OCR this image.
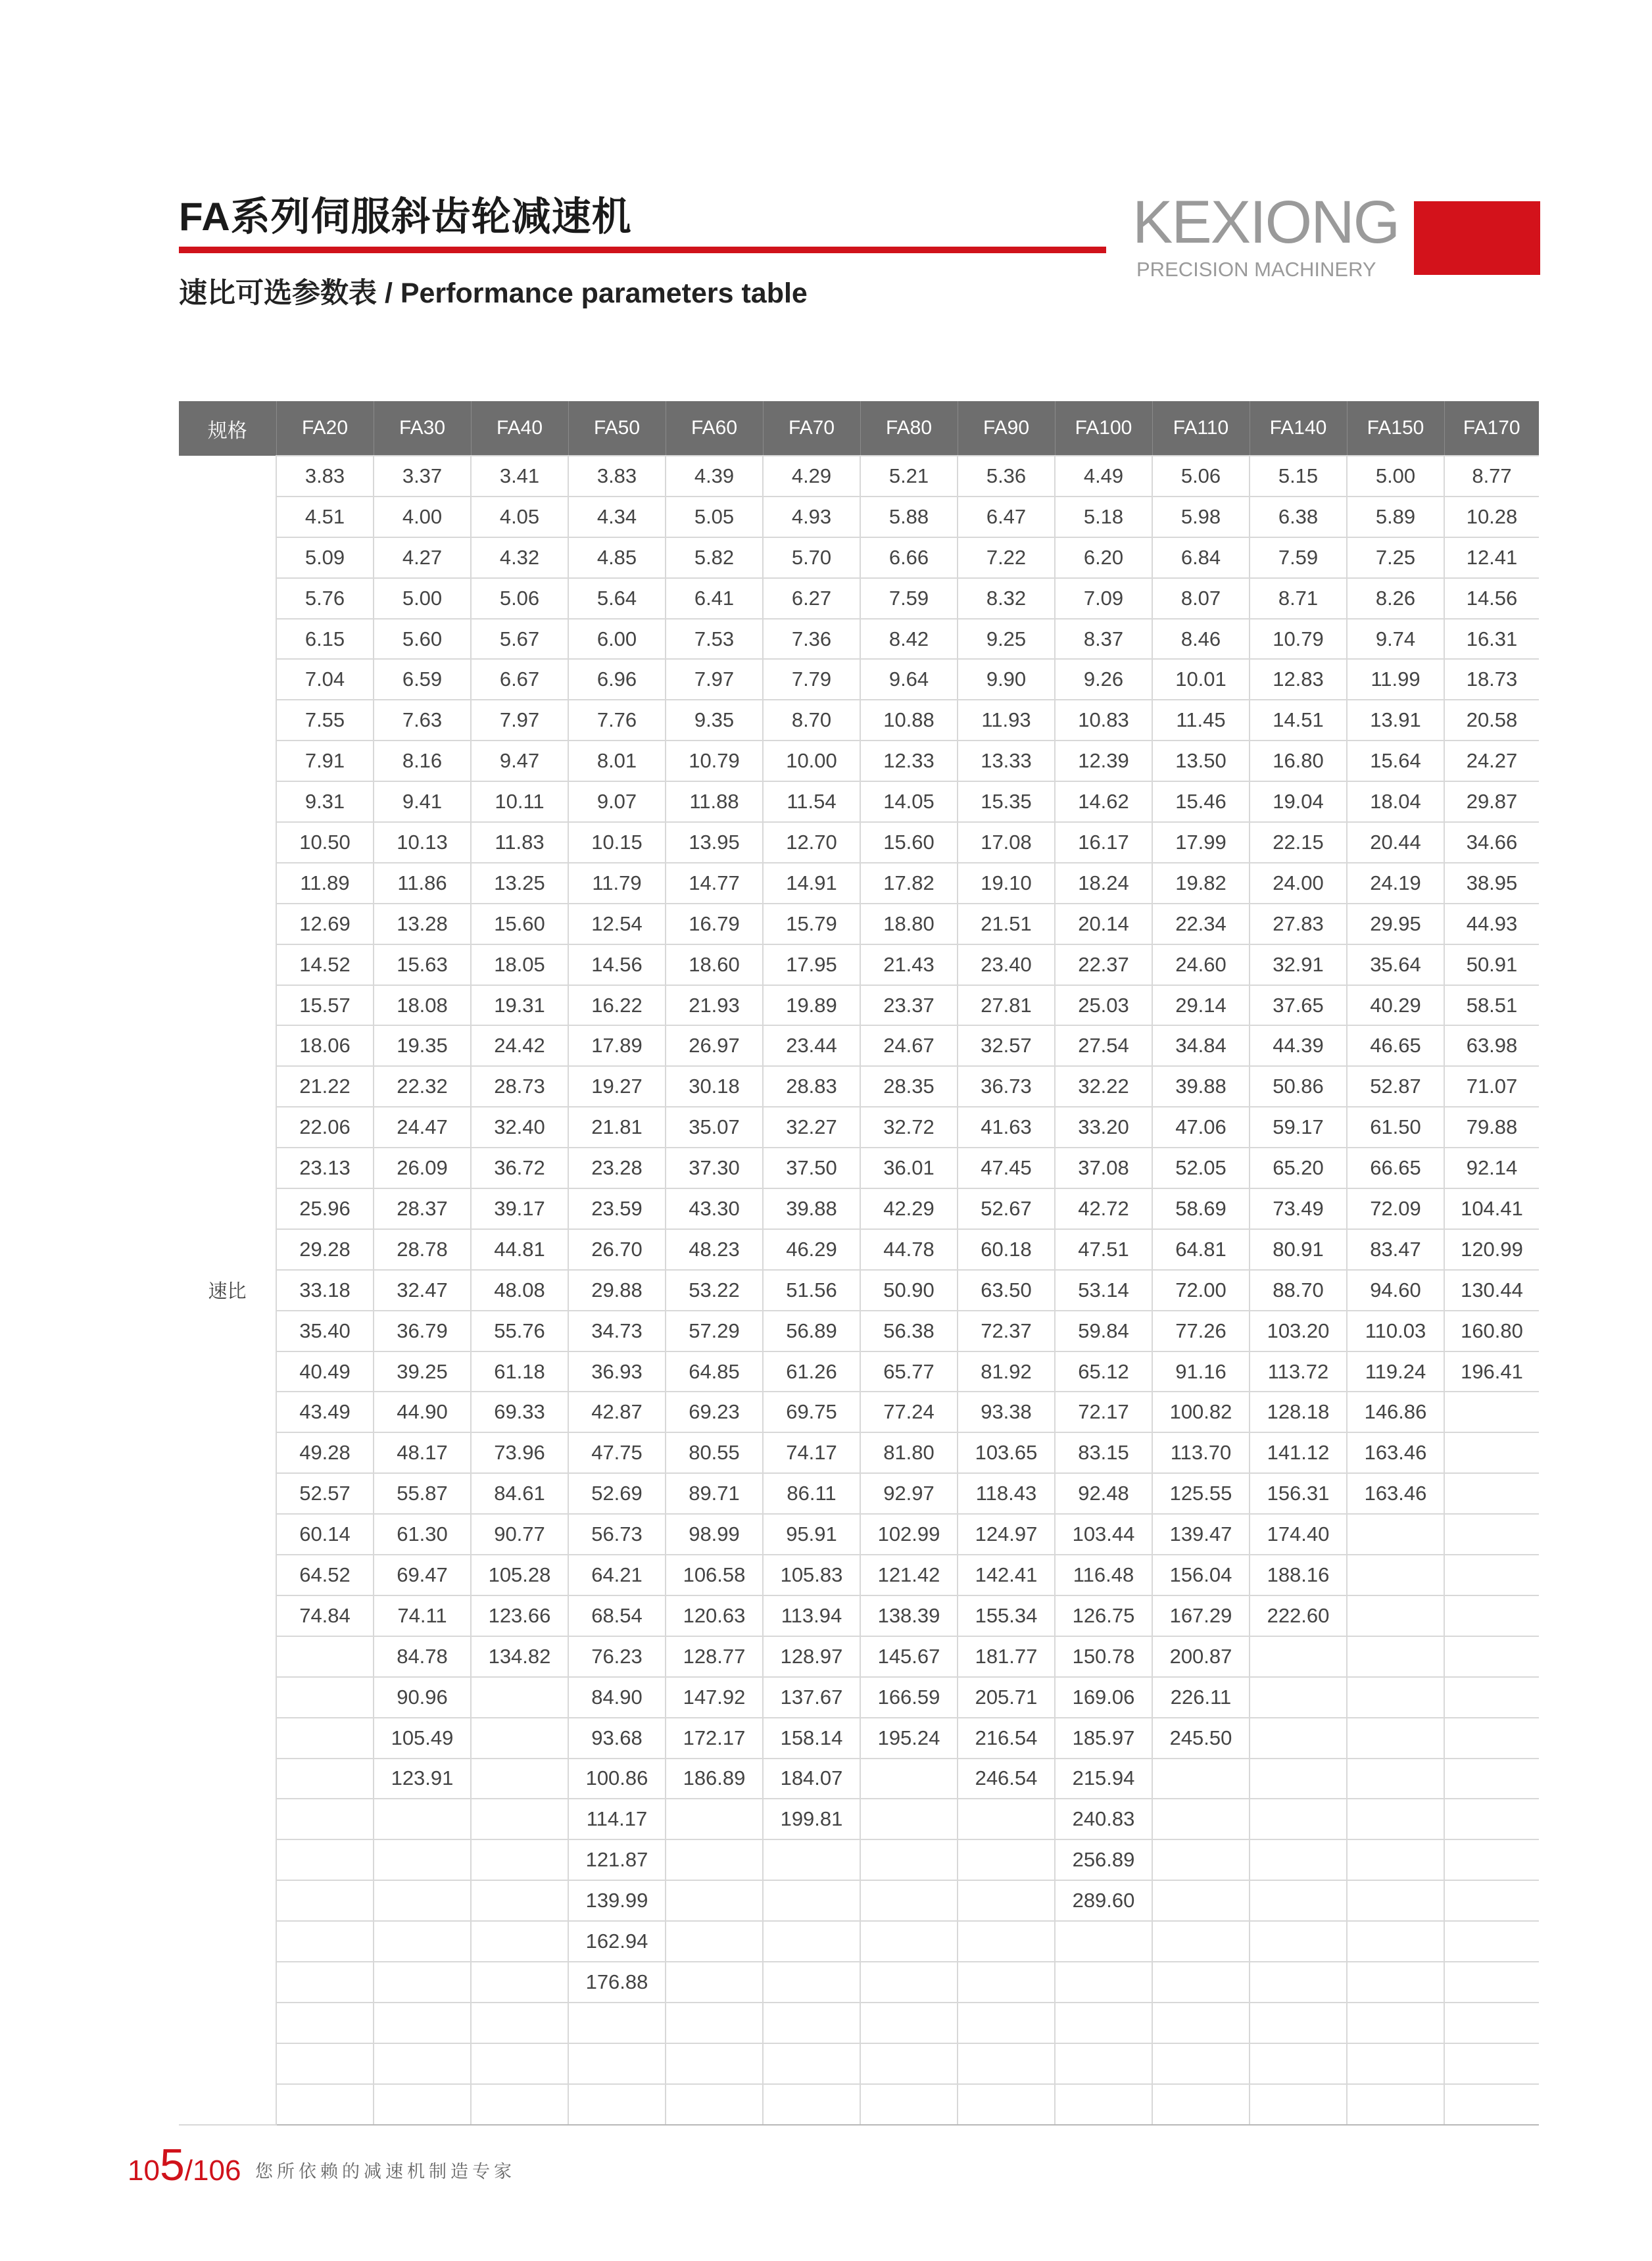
FA系列伺服斜齿轮减速机
速比可选参数表 / Performance parameters table
KEXIONG
PRECISION MACHINERY
规格	FA20	FA30	FA40	FA50	FA60	FA70	FA80	FA90	FA100	FA110	FA140	FA150	FA170
速比	3.83	3.37	3.41	3.83	4.39	4.29	5.21	5.36	4.49	5.06	5.15	5.00	8.77
	4.51	4.00	4.05	4.34	5.05	4.93	5.88	6.47	5.18	5.98	6.38	5.89	10.28
	5.09	4.27	4.32	4.85	5.82	5.70	6.66	7.22	6.20	6.84	7.59	7.25	12.41
	5.76	5.00	5.06	5.64	6.41	6.27	7.59	8.32	7.09	8.07	8.71	8.26	14.56
	6.15	5.60	5.67	6.00	7.53	7.36	8.42	9.25	8.37	8.46	10.79	9.74	16.31
	7.04	6.59	6.67	6.96	7.97	7.79	9.64	9.90	9.26	10.01	12.83	11.99	18.73
	7.55	7.63	7.97	7.76	9.35	8.70	10.88	11.93	10.83	11.45	14.51	13.91	20.58
	7.91	8.16	9.47	8.01	10.79	10.00	12.33	13.33	12.39	13.50	16.80	15.64	24.27
	9.31	9.41	10.11	9.07	11.88	11.54	14.05	15.35	14.62	15.46	19.04	18.04	29.87
	10.50	10.13	11.83	10.15	13.95	12.70	15.60	17.08	16.17	17.99	22.15	20.44	34.66
	11.89	11.86	13.25	11.79	14.77	14.91	17.82	19.10	18.24	19.82	24.00	24.19	38.95
	12.69	13.28	15.60	12.54	16.79	15.79	18.80	21.51	20.14	22.34	27.83	29.95	44.93
	14.52	15.63	18.05	14.56	18.60	17.95	21.43	23.40	22.37	24.60	32.91	35.64	50.91
	15.57	18.08	19.31	16.22	21.93	19.89	23.37	27.81	25.03	29.14	37.65	40.29	58.51
	18.06	19.35	24.42	17.89	26.97	23.44	24.67	32.57	27.54	34.84	44.39	46.65	63.98
	21.22	22.32	28.73	19.27	30.18	28.83	28.35	36.73	32.22	39.88	50.86	52.87	71.07
	22.06	24.47	32.40	21.81	35.07	32.27	32.72	41.63	33.20	47.06	59.17	61.50	79.88
	23.13	26.09	36.72	23.28	37.30	37.50	36.01	47.45	37.08	52.05	65.20	66.65	92.14
	25.96	28.37	39.17	23.59	43.30	39.88	42.29	52.67	42.72	58.69	73.49	72.09	104.41
	29.28	28.78	44.81	26.70	48.23	46.29	44.78	60.18	47.51	64.81	80.91	83.47	120.99
	33.18	32.47	48.08	29.88	53.22	51.56	50.90	63.50	53.14	72.00	88.70	94.60	130.44
	35.40	36.79	55.76	34.73	57.29	56.89	56.38	72.37	59.84	77.26	103.20	110.03	160.80
	40.49	39.25	61.18	36.93	64.85	61.26	65.77	81.92	65.12	91.16	113.72	119.24	196.41
	43.49	44.90	69.33	42.87	69.23	69.75	77.24	93.38	72.17	100.82	128.18	146.86	
	49.28	48.17	73.96	47.75	80.55	74.17	81.80	103.65	83.15	113.70	141.12	163.46	
	52.57	55.87	84.61	52.69	89.71	86.11	92.97	118.43	92.48	125.55	156.31	163.46	
	60.14	61.30	90.77	56.73	98.99	95.91	102.99	124.97	103.44	139.47	174.40		
	64.52	69.47	105.28	64.21	106.58	105.83	121.42	142.41	116.48	156.04	188.16		
	74.84	74.11	123.66	68.54	120.63	113.94	138.39	155.34	126.75	167.29	222.60		
		84.78	134.82	76.23	128.77	128.97	145.67	181.77	150.78	200.87			
		90.96		84.90	147.92	137.67	166.59	205.71	169.06	226.11			
		105.49		93.68	172.17	158.14	195.24	216.54	185.97	245.50			
		123.91		100.86	186.89	184.07		246.54	215.94				
				114.17		199.81			240.83				
				121.87					256.89				
				139.99					289.60				
				162.94									
				176.88									

105/106 您所依赖的减速机制造专家
